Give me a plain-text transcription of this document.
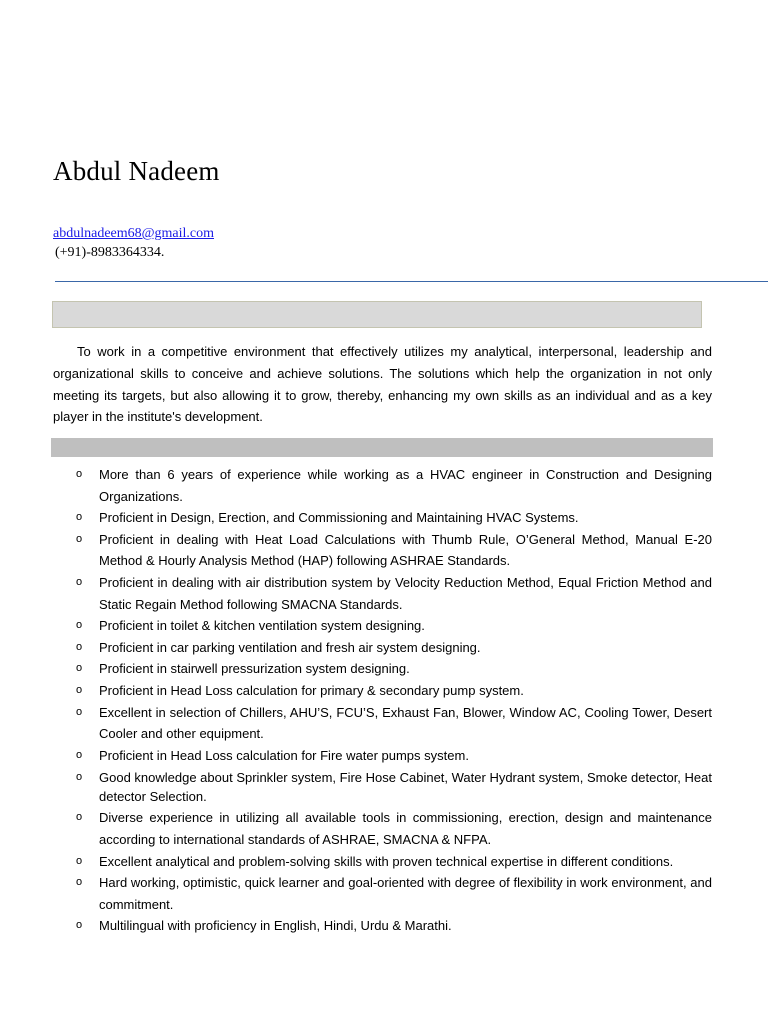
Abdul Nadeem
abdulnadeem68@gmail.com
(+91)-8983364334.
To work in a competitive environment that effectively utilizes my analytical, interpersonal, leadership and organizational skills to conceive and achieve solutions. The solutions which help the organization in not only meeting its targets, but also allowing it to grow, thereby, enhancing my own skills as an individual and as a key player in the institute's development.
o More than 6 years of experience while working as a HVAC engineer in Construction and Designing Organizations.
o Proficient in Design, Erection, and Commissioning and Maintaining HVAC Systems.
o Proficient in dealing with Heat Load Calculations with Thumb Rule, O’General Method, Manual E-20 Method & Hourly Analysis Method (HAP) following ASHRAE Standards.
o Proficient in dealing with air distribution system by Velocity Reduction Method, Equal Friction Method and Static Regain Method following SMACNA Standards.
o Proficient in toilet & kitchen ventilation system designing.
o Proficient in car parking ventilation and fresh air system designing.
o Proficient in stairwell pressurization system designing.
o Proficient in Head Loss calculation for primary & secondary pump system.
o Excellent in selection of Chillers, AHU’S, FCU’S, Exhaust Fan, Blower, Window AC, Cooling Tower, Desert Cooler and other equipment.
o Proficient in Head Loss calculation for Fire water pumps system.
o Good knowledge about Sprinkler system, Fire Hose Cabinet, Water Hydrant system, Smoke detector, Heat detector Selection.
o Diverse experience in utilizing all available tools in commissioning, erection, design and maintenance according to international standards of ASHRAE, SMACNA & NFPA.
o Excellent analytical and problem-solving skills with proven technical expertise in different conditions.
o Hard working, optimistic, quick learner and goal-oriented with degree of flexibility in work environment, and commitment.
o Multilingual with proficiency in English, Hindi, Urdu & Marathi.
